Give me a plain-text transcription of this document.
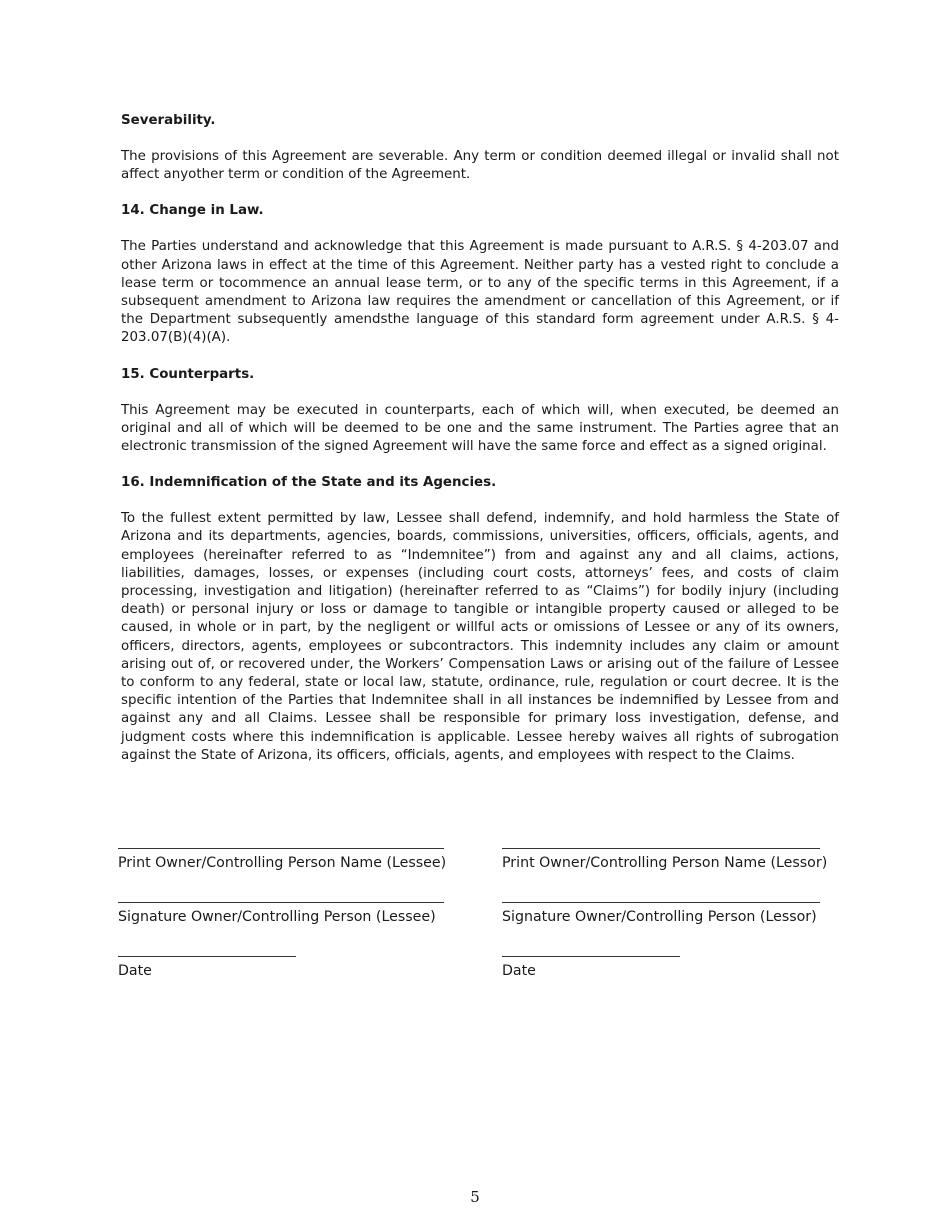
Severability.
The provisions of this Agreement are severable. Any term or condition deemed illegal or invalid shall not affect anyother term or condition of the Agreement.
14. Change in Law.
The Parties understand and acknowledge that this Agreement is made pursuant to A.R.S. § 4-203.07 and other Arizona laws in effect at the time of this Agreement. Neither party has a vested right to conclude a lease term or tocommence an annual lease term, or to any of the specific terms in this Agreement, if a subsequent amendment to Arizona law requires the amendment or cancellation of this Agreement, or if the Department subsequently amendsthe language of this standard form agreement under A.R.S. § 4-203.07(B)(4)(A).
15. Counterparts.
This Agreement may be executed in counterparts, each of which will, when executed, be deemed an original and all of which will be deemed to be one and the same instrument. The Parties agree that an electronic transmission of the signed Agreement will have the same force and effect as a signed original.
16. Indemnification of the State and its Agencies.
To the fullest extent permitted by law, Lessee shall defend, indemnify, and hold harmless the State of Arizona and its departments, agencies, boards, commissions, universities, officers, officials, agents, and employees (hereinafter referred to as “Indemnitee”) from and against any and all claims, actions, liabilities, damages, losses, or expenses (including court costs, attorneys’ fees, and costs of claim processing, investigation and litigation) (hereinafter referred to as “Claims”) for bodily injury (including death) or personal injury or loss or damage to tangible or intangible property caused or alleged to be caused, in whole or in part, by the negligent or willful acts or omissions of Lessee or any of its owners, officers, directors, agents, employees or subcontractors. This indemnity includes any claim or amount arising out of, or recovered under, the Workers’ Compensation Laws or arising out of the failure of Lessee to conform to any federal, state or local law, statute, ordinance, rule, regulation or court decree. It is the specific intention of the Parties that Indemnitee shall in all instances be indemnified by Lessee from and against any and all Claims. Lessee shall be responsible for primary loss investigation, defense, and judgment costs where this indemnification is applicable. Lessee hereby waives all rights of subrogation against the State of Arizona, its officers, officials, agents, and employees with respect to the Claims.
Print Owner/Controlling Person Name (Lessee)	Print Owner/Controlling Person Name (Lessor)
Signature Owner/Controlling Person (Lessee)	Signature Owner/Controlling Person (Lessor)
Date	Date
5
